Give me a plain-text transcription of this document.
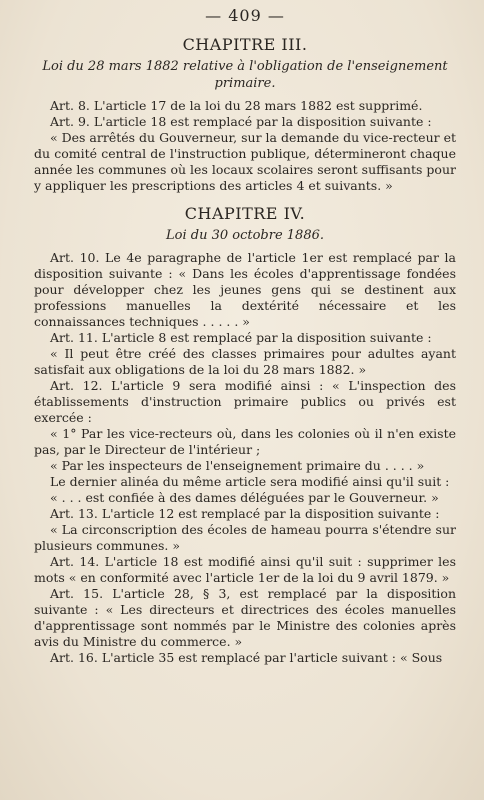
— 409 —
CHAPITRE III.
Loi du 28 mars 1882 relative à l'obligation de l'enseignement primaire.

Art. 8. L'article 17 de la loi du 28 mars 1882 est supprimé.

Art. 9. L'article 18 est remplacé par la disposition suivante :

« Des arrêtés du Gouverneur, sur la demande du vice-recteur et du comité central de l'instruction publique, détermineront chaque année les communes où les locaux scolaires seront suffisants pour y appliquer les prescriptions des articles 4 et suivants. »

CHAPITRE IV.
Loi du 30 octobre 1886.

Art. 10. Le 4e paragraphe de l'article 1er est remplacé par la disposition suivante : « Dans les écoles d'apprentissage fondées pour développer chez les jeunes gens qui se destinent aux professions manuelles la dextérité nécessaire et les connaissances techniques . . . . . »

Art. 11. L'article 8 est remplacé par la disposition suivante :

« Il peut être créé des classes primaires pour adultes ayant satisfait aux obligations de la loi du 28 mars 1882. »

Art. 12. L'article 9 sera modifié ainsi : « L'inspection des établissements d'instruction primaire publics ou privés est exercée :

« 1° Par les vice-recteurs où, dans les colonies où il n'en existe pas, par le Directeur de l'intérieur ;

« Par les inspecteurs de l'enseignement primaire du . . . . »

Le dernier alinéa du même article sera modifié ainsi qu'il suit :

« . . . est confiée à des dames déléguées par le Gouverneur. »

Art. 13. L'article 12 est remplacé par la disposition suivante :

« La circonscription des écoles de hameau pourra s'étendre sur plusieurs communes. »

Art. 14. L'article 18 est modifié ainsi qu'il suit : supprimer les mots « en conformité avec l'article 1er de la loi du 9 avril 1879. »

Art. 15. L'article 28, § 3, est remplacé par la disposition suivante : « Les directeurs et directrices des écoles manuelles d'apprentissage sont nommés par le Ministre des colonies après avis du Ministre du commerce. »

Art. 16. L'article 35 est remplacé par l'article suivant : « Sous
